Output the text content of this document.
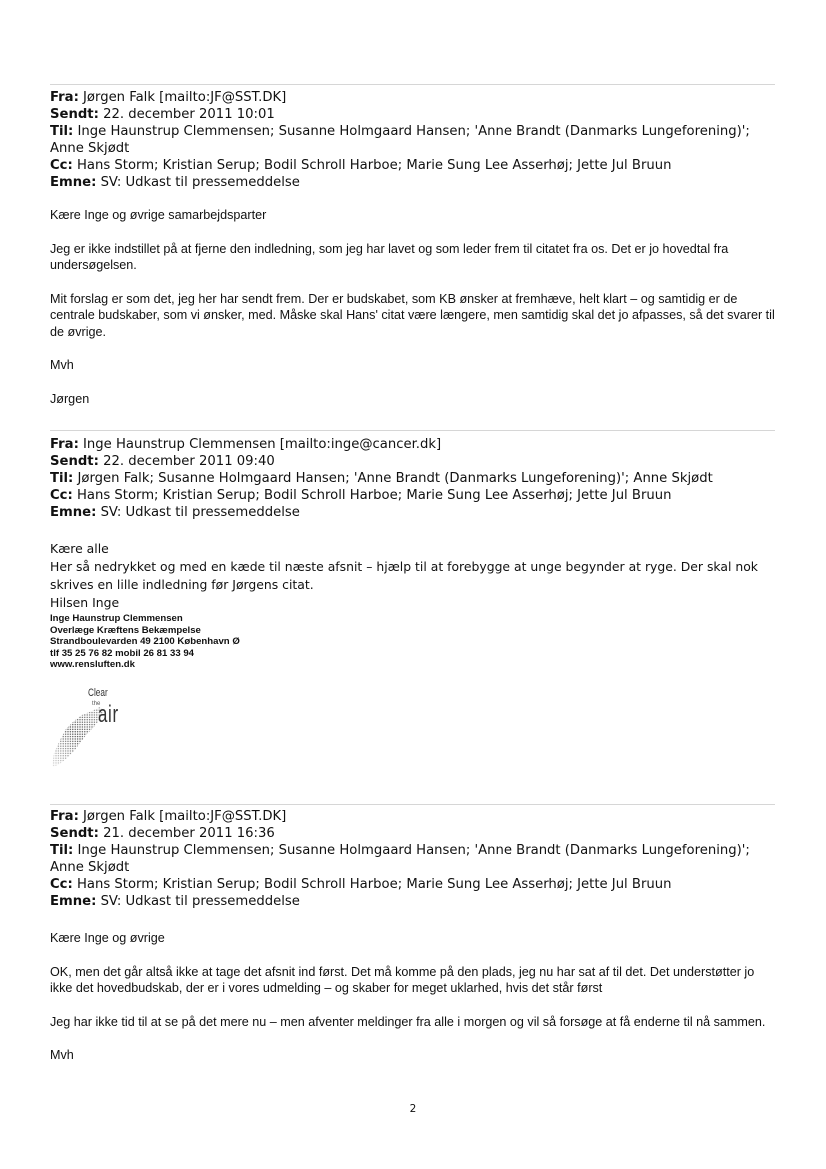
Fra: Jørgen Falk [mailto:JF@SST.DK]

Sendt: 22. december 2011 10:01

Til: Inge Haunstrup Clemmensen; Susanne Holmgaard Hansen; 'Anne Brandt (Danmarks Lungeforening)'; Anne Skjødt

Cc: Hans Storm; Kristian Serup; Bodil Schroll Harboe; Marie Sung Lee Asserhøj; Jette Jul Bruun

Emne: SV: Udkast til pressemeddelse

Kære Inge og øvrige samarbejdsparter

Jeg er ikke indstillet på at fjerne den indledning, som jeg har lavet og som leder frem til citatet fra os. Det er jo hovedtal fra undersøgelsen.

Mit forslag er som det, jeg her har sendt frem. Der er budskabet, som KB ønsker at fremhæve, helt klart – og samtidig er de centrale budskaber, som vi ønsker, med. Måske skal Hans' citat være længere, men samtidig skal det jo afpasses, så det svarer til de øvrige.

Mvh

Jørgen

Fra: Inge Haunstrup Clemmensen [mailto:inge@cancer.dk]

Sendt: 22. december 2011 09:40

Til: Jørgen Falk; Susanne Holmgaard Hansen; 'Anne Brandt (Danmarks Lungeforening)'; Anne Skjødt

Cc: Hans Storm; Kristian Serup; Bodil Schroll Harboe; Marie Sung Lee Asserhøj; Jette Jul Bruun

Emne: SV: Udkast til pressemeddelse

Kære alle

Her så nedrykket og med en kæde til næste afsnit – hjælp til at forebygge at unge begynder at ryge. Der skal nok skrives en lille indledning før Jørgens citat.

Hilsen Inge

Inge Haunstrup Clemmensen

Overlæge Kræftens Bekæmpelse

Strandboulevarden 49 2100 København Ø

tlf 35 25 76 82 mobil 26 81 33 94

www.rensluften.dk

Clear
the
air

Fra: Jørgen Falk [mailto:JF@SST.DK]

Sendt: 21. december 2011 16:36

Til: Inge Haunstrup Clemmensen; Susanne Holmgaard Hansen; 'Anne Brandt (Danmarks Lungeforening)'; Anne Skjødt

Cc: Hans Storm; Kristian Serup; Bodil Schroll Harboe; Marie Sung Lee Asserhøj; Jette Jul Bruun

Emne: SV: Udkast til pressemeddelse

Kære Inge og øvrige

OK, men det går altså ikke at tage det afsnit ind først. Det må komme på den plads, jeg nu har sat af til det. Det understøtter jo ikke det hovedbudskab, der er i vores udmelding – og skaber for meget uklarhed, hvis det står først

Jeg har ikke tid til at se på det mere nu – men afventer meldinger fra alle i morgen og vil så forsøge at få enderne til nå sammen.

Mvh

2
